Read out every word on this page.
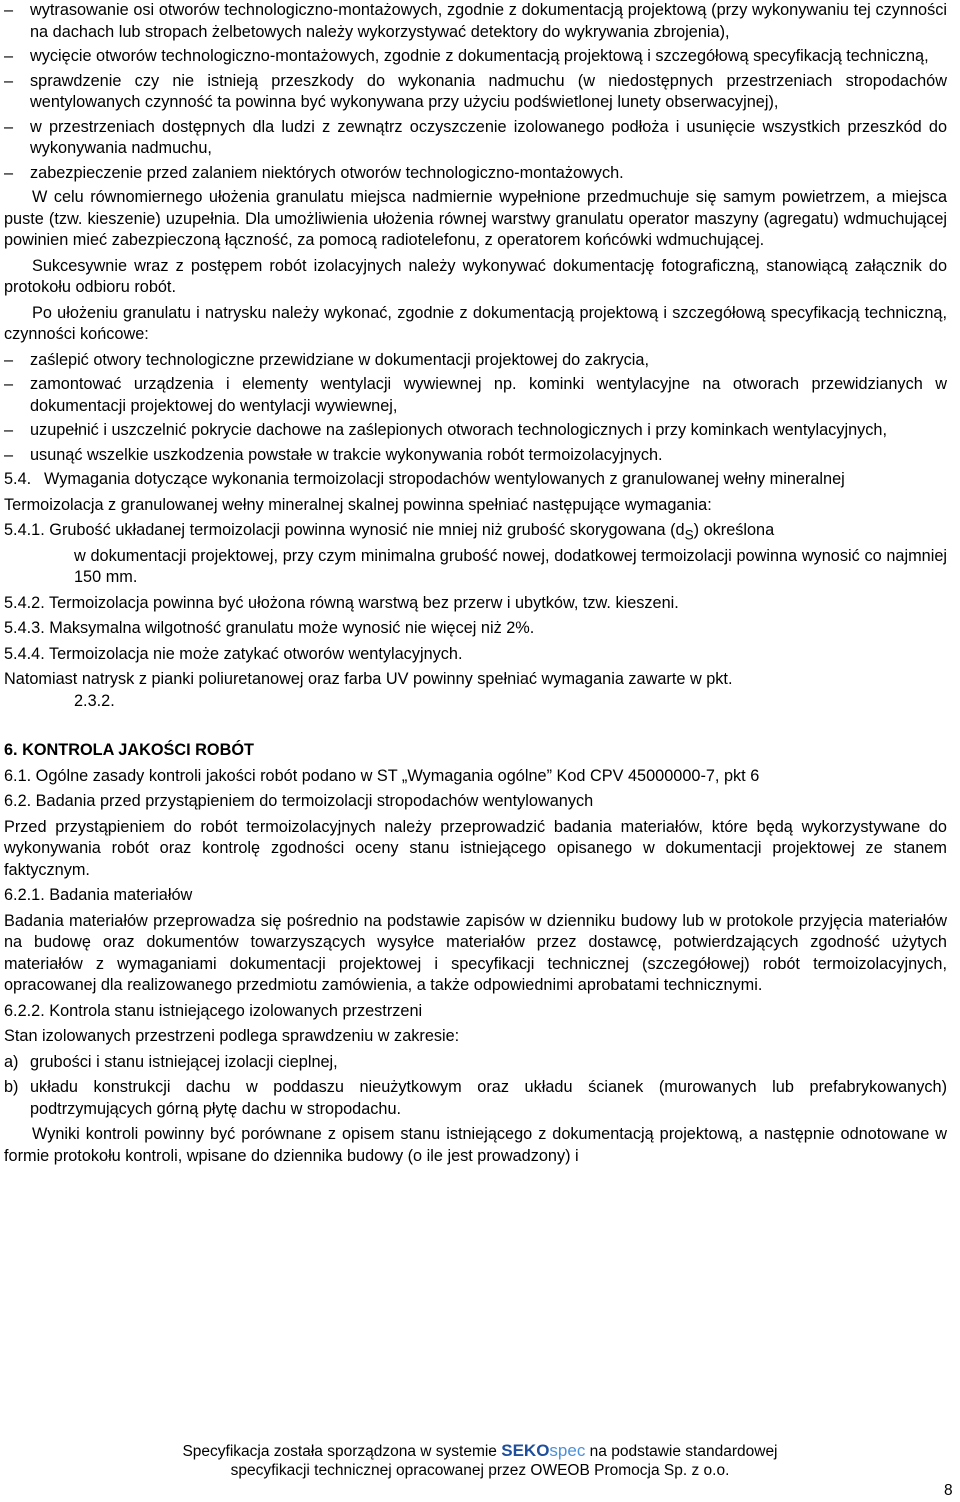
– wytrasowanie osi otworów technologiczno-montażowych, zgodnie z dokumentacją projektową (przy wykonywaniu tej czynności na dachach lub stropach żelbetowych należy wykorzystywać detektory do wykrywania zbrojenia),
– wycięcie otworów technologiczno-montażowych, zgodnie z dokumentacją projektową i szczegółową specyfikacją techniczną,
– sprawdzenie czy nie istnieją przeszkody do wykonania nadmuchu (w niedostępnych przestrzeniach stropodachów wentylowanych czynność ta powinna być wykonywana przy użyciu podświetlonej lunety obserwacyjnej),
– w przestrzeniach dostępnych dla ludzi z zewnątrz oczyszczenie izolowanego podłoża i usunięcie wszystkich przeszkód do wykonywania nadmuchu,
– zabezpieczenie przed zalaniem niektórych otworów technologiczno-montażowych.
W celu równomiernego ułożenia granulatu miejsca nadmiernie wypełnione przedmuchuje się samym powietrzem, a miejsca puste (tzw. kieszenie) uzupełnia. Dla umożliwienia ułożenia równej warstwy granulatu operator maszyny (agregatu) wdmuchującej powinien mieć zabezpieczoną łączność, za pomocą radiotelefonu, z operatorem końcówki wdmuchującej.
Sukcesywnie wraz z postępem robót izolacyjnych należy wykonywać dokumentację fotograficzną, stanowiącą załącznik do protokołu odbioru robót.
Po ułożeniu granulatu i natrysku należy wykonać, zgodnie z dokumentacją projektową i szczegółową specyfikacją techniczną, czynności końcowe:
– zaślepić otwory technologiczne przewidziane w dokumentacji projektowej do zakrycia,
– zamontować urządzenia i elementy wentylacji wywiewnej np. kominki wentylacyjne na otworach przewidzianych w dokumentacji projektowej do wentylacji wywiewnej,
– uzupełnić i uszczelnić pokrycie dachowe na zaślepionych otworach technologicznych i przy kominkach wentylacyjnych,
– usunąć wszelkie uszkodzenia powstałe w trakcie wykonywania robót termoizolacyjnych.
5.4. Wymagania dotyczące wykonania termoizolacji stropodachów wentylowanych z granulowanej wełny mineralnej
Termoizolacja z granulowanej wełny mineralnej skalnej powinna spełniać następujące wymagania:
5.4.1. Grubość układanej termoizolacji powinna wynosić nie mniej niż grubość skorygowana $(d_S)$ określona
w dokumentacji projektowej, przy czym minimalna grubość nowej, dodatkowej termoizolacji powinna wynosić co najmniej 150 mm.
5.4.2. Termoizolacja powinna być ułożona równą warstwą bez przerw i ubytków, tzw. kieszeni.
5.4.3. Maksymalna wilgotność granulatu może wynosić nie więcej niż 2%.
5.4.4. Termoizolacja nie może zatykać otworów wentylacyjnych.
Natomiast natrysk z pianki poliuretanowej oraz farba UV powinny spełniać wymagania zawarte w pkt.
2.3.2.
6. KONTROLA JAKOŚCI ROBÓT
6.1. Ogólne zasady kontroli jakości robót podano w ST „Wymagania ogólne” Kod CPV 45000000-7, pkt 6
6.2. Badania przed przystąpieniem do termoizolacji stropodachów wentylowanych
Przed przystąpieniem do robót termoizolacyjnych należy przeprowadzić badania materiałów, które będą wykorzystywane do wykonywania robót oraz kontrolę zgodności oceny stanu istniejącego opisanego w dokumentacji projektowej ze stanem faktycznym.
6.2.1. Badania materiałów
Badania materiałów przeprowadza się pośrednio na podstawie zapisów w dzienniku budowy lub w protokole przyjęcia materiałów na budowę oraz dokumentów towarzyszących wysyłce materiałów przez dostawcę, potwierdzających zgodność użytych materiałów z wymaganiami dokumentacji projektowej i specyfikacji technicznej (szczegółowej) robót termoizolacyjnych, opracowanej dla realizowanego przedmiotu zamówienia, a także odpowiednimi aprobatami technicznymi.
6.2.2. Kontrola stanu istniejącego izolowanych przestrzeni
Stan izolowanych przestrzeni podlega sprawdzeniu w zakresie:
a) grubości i stanu istniejącej izolacji cieplnej,
b) układu konstrukcji dachu w poddaszu nieużytkowym oraz układu ścianek (murowanych lub prefabrykowanych) podtrzymujących górną płytę dachu w stropodachu.
Wyniki kontroli powinny być porównane z opisem stanu istniejącego z dokumentacją projektową, a następnie odnotowane w formie protokołu kontroli, wpisane do dziennika budowy (o ile jest prowadzony) i
Specyfikacja została sporządzona w systemie SEKOspec na podstawie standardowej
specyfikacji technicznej opracowanej przez OWEOB Promocja Sp. z o.o.
8
